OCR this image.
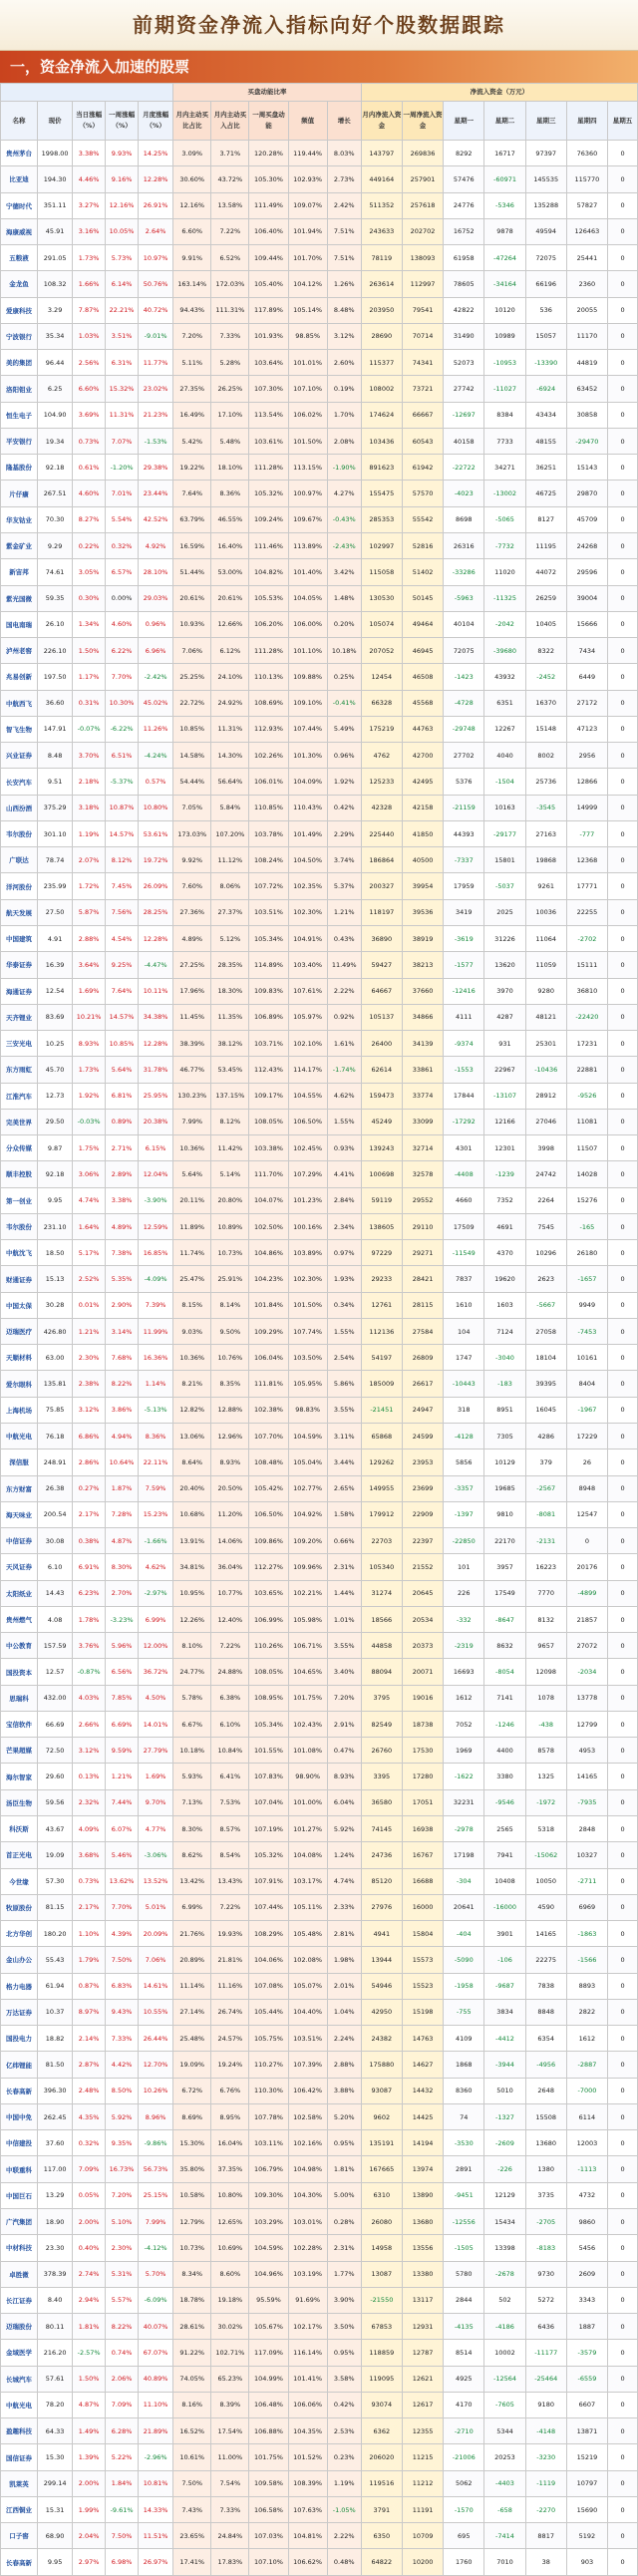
前期资金净流入指标向好个股数据跟踪
一，资金净流入加速的股票
					买盘动能比率					净流入资金（万元）						
名称	现价	当日涨幅（%）	一周涨幅（%）	月度涨幅（%）	月内主动买比占比	月内主动买入占比	一周买盘动能	频值	增长	月内净流入资金	一周净流入资金	星期一	星期二	星期三	星期四	星期五
贵州茅台	1998.00	3.38%	9.93%	14.25%	3.09%	3.71%	120.28%	119.44%	8.03%	143797	269836	8292	16717	97397	76360	0
比亚迪	194.30	4.46%	9.16%	12.28%	30.60%	43.72%	105.30%	102.93%	2.73%	449164	257901	57476	-60971	145535	115770	0
宁德时代	351.11	3.27%	12.16%	26.91%	12.16%	13.58%	111.49%	109.07%	2.42%	511352	257618	24776	-5346	135288	57827	0
海康威视	45.91	3.16%	10.05%	2.64%	6.60%	7.22%	106.40%	101.94%	7.51%	243633	202702	16752	9878	49594	126463	0
五粮液	291.05	1.73%	5.73%	10.97%	9.91%	6.52%	109.44%	101.70%	7.51%	78119	138093	61958	-47264	72075	25441	0
金龙鱼	108.32	1.66%	6.14%	50.76%	163.14%	172.03%	105.40%	104.12%	1.26%	263614	112997	78605	-34164	66196	2360	0
爱康科技	3.29	7.87%	22.21%	40.72%	94.43%	111.31%	117.89%	105.14%	8.48%	203950	79541	42822	10120	536	20055	0
宁波银行	35.34	1.03%	3.51%	-9.01%	7.20%	7.33%	101.93%	98.85%	3.12%	28690	70714	31490	10989	15057	11170	0
美的集团	96.44	2.56%	6.31%	11.77%	5.11%	5.28%	103.64%	101.01%	2.60%	115377	74341	52073	-10953	-13390	44819	0
洛阳钼业	6.25	6.60%	15.32%	23.02%	27.35%	26.25%	107.30%	107.10%	0.19%	108002	73721	27742	-11027	-6924	63452	0
恒生电子	104.90	3.69%	11.31%	21.23%	16.49%	17.10%	113.54%	106.02%	1.70%	174624	66667	-12697	8384	43434	30858	0
平安银行	19.34	0.73%	7.07%	-1.53%	5.42%	5.48%	103.61%	101.50%	2.08%	103436	60543	40158	7733	48155	-29470	0
隆基股份	92.18	0.61%	-1.20%	29.38%	19.22%	18.10%	111.28%	113.15%	-1.90%	891623	61942	-22722	34271	36251	15143	0
片仔癀	267.51	4.60%	7.01%	23.44%	7.64%	8.36%	105.32%	100.97%	4.27%	155475	57570	-4023	-13002	46725	29870	0
华友钴业	70.30	8.27%	5.54%	42.52%	63.79%	46.55%	109.24%	109.67%	-0.43%	285353	55542	8698	-5065	8127	45709	0
紫金矿业	9.29	0.22%	0.32%	4.92%	16.59%	16.40%	111.46%	113.89%	-2.43%	102997	52816	26316	-7732	11195	24268	0
新宙邦	74.61	3.05%	6.57%	28.10%	51.44%	53.00%	104.82%	101.40%	3.42%	115058	51402	-33286	11020	44072	29596	0
紫光国微	59.35	0.30%	0.00%	29.03%	20.61%	20.61%	105.53%	104.05%	1.48%	130530	50145	-5963	-11325	26259	39004	0
国电南瑞	26.10	1.34%	4.60%	0.96%	10.93%	12.66%	106.20%	106.00%	0.20%	105074	49464	40104	-2042	10405	15666	0
泸州老窖	226.10	1.50%	6.22%	6.96%	7.06%	6.12%	111.28%	101.10%	10.18%	207052	46945	72075	-39680	8322	7434	0
兆易创新	197.50	1.17%	7.70%	-2.42%	25.25%	24.10%	110.13%	109.88%	0.25%	12454	46508	-1423	43932	-2452	6449	0
中航西飞	36.60	0.31%	10.30%	45.02%	22.72%	24.92%	108.69%	109.10%	-0.41%	66328	45568	-4728	6351	16370	27172	0
智飞生物	147.91	-0.07%	-6.22%	11.26%	10.85%	11.31%	112.93%	107.44%	5.49%	175219	44763	-29748	12267	15148	47123	0
兴业证券	8.48	3.70%	6.51%	-4.24%	14.58%	14.30%	102.26%	101.30%	0.96%	4762	42700	27702	4040	8002	2956	0
长安汽车	9.51	2.18%	-5.37%	0.57%	54.44%	56.64%	106.01%	104.09%	1.92%	125233	42495	5376	-1504	25736	12866	0
山西汾酒	375.29	3.18%	10.87%	10.80%	7.05%	5.84%	110.85%	110.43%	0.42%	42328	42158	-21159	10163	-3545	14999	0
韦尔股份	301.10	1.19%	14.57%	53.61%	173.03%	107.20%	103.78%	101.49%	2.29%	225440	41850	44393	-29177	27163	-777	0
广联达	78.74	2.07%	8.12%	19.72%	9.92%	11.12%	108.24%	104.50%	3.74%	186864	40500	-7337	15801	19868	12368	0
洋河股份	235.99	1.72%	7.45%	26.09%	7.60%	8.06%	107.72%	102.35%	5.37%	200327	39954	17959	-5037	9261	17771	0
航天发展	27.50	5.87%	7.56%	28.25%	27.36%	27.37%	103.51%	102.30%	1.21%	118197	39536	3419	2025	10036	22255	0
中国建筑	4.91	2.88%	4.54%	12.28%	4.89%	5.12%	105.34%	104.91%	0.43%	36890	38919	-3619	31226	11064	-2702	0
华泰证券	16.39	3.64%	9.25%	-4.47%	27.25%	28.35%	114.89%	103.40%	11.49%	59427	38213	-1577	13620	11059	15111	0
海通证券	12.54	1.69%	7.64%	10.11%	17.96%	18.30%	109.83%	107.61%	2.22%	64667	37660	-12416	3970	9280	36810	0
天齐锂业	83.69	10.21%	14.57%	34.38%	11.45%	11.35%	106.89%	105.97%	0.92%	105137	34866	4111	4287	48121	-22420	0
三安光电	10.25	8.93%	10.85%	12.28%	38.39%	38.12%	103.71%	102.10%	1.61%	26400	34139	-9374	931	25301	17231	0
东方雨虹	45.70	1.73%	5.64%	31.78%	46.77%	53.45%	112.43%	114.17%	-1.74%	62614	33861	-1553	22967	-10436	22881	0
江淮汽车	12.73	1.92%	6.81%	25.95%	130.23%	137.15%	109.17%	104.55%	4.62%	159473	33774	17844	-13107	28912	-9526	0
完美世界	29.50	-0.03%	0.89%	20.38%	7.99%	8.12%	108.05%	106.50%	1.55%	45249	33099	-17292	12166	27046	11081	0
分众传媒	9.87	1.75%	2.71%	6.15%	10.36%	11.42%	103.38%	102.45%	0.93%	139243	32714	4301	12301	3998	11507	0
顺丰控股	92.18	3.06%	2.89%	12.04%	5.64%	5.14%	111.70%	107.29%	4.41%	100698	32578	-4408	-1239	24742	14028	0
第一创业	9.95	4.74%	3.38%	-3.90%	20.11%	20.80%	104.07%	101.23%	2.84%	59119	29552	4660	7352	2264	15276	0
韦尔股份	231.10	1.64%	4.89%	12.59%	11.89%	10.89%	102.50%	100.16%	2.34%	138605	29110	17509	4691	7545	-165	0
中航沈飞	18.50	5.17%	7.38%	16.85%	11.74%	10.73%	104.86%	103.89%	0.97%	97229	29271	-11549	4370	10296	26180	0
财通证券	15.13	2.52%	5.35%	-4.09%	25.47%	25.91%	104.23%	102.30%	1.93%	29233	28421	7837	19620	2623	-1657	0
中国太保	30.28	0.01%	2.90%	7.39%	8.15%	8.14%	101.84%	101.50%	0.34%	12761	28115	1610	1603	-5667	9949	0
迈瑞医疗	426.80	1.21%	3.14%	11.99%	9.03%	9.50%	109.29%	107.74%	1.55%	112136	27584	104	7124	27058	-7453	0
天顺材料	63.00	2.30%	7.68%	16.36%	10.36%	10.76%	106.04%	103.50%	2.54%	54197	26809	1747	-3040	18104	10161	0
爱尔眼科	135.81	2.38%	8.22%	1.14%	8.21%	8.35%	111.81%	105.95%	5.86%	185009	26617	-10443	-183	39395	8404	0
上海机场	75.85	3.12%	3.86%	-5.13%	12.82%	12.88%	102.38%	98.83%	3.55%	-21451	24947	318	8951	16045	-1967	0
中航光电	76.18	6.86%	4.94%	8.36%	13.06%	12.96%	107.70%	104.59%	3.11%	65868	24599	-4128	7305	4286	17229	0
深信服	248.91	2.86%	10.64%	22.11%	8.64%	8.93%	108.48%	105.04%	3.44%	129262	23953	5856	10129	379	26	0
东方财富	26.38	0.27%	1.87%	7.59%	20.40%	20.50%	105.42%	102.77%	2.65%	149955	23699	-3357	19685	-2567	8948	0
海天味业	200.54	2.17%	7.28%	15.23%	10.68%	11.20%	106.50%	104.92%	1.58%	179912	22909	-1397	9810	-8081	12547	0
中信证券	30.08	0.38%	4.87%	-1.66%	13.91%	14.06%	109.86%	109.20%	0.66%	22703	22397	-22850	22170	-2131	0	0
天风证券	6.10	6.91%	8.30%	4.62%	34.81%	36.04%	112.27%	109.96%	2.31%	105340	21552	101	3957	16223	20176	0
太阳纸业	14.43	6.23%	2.70%	-2.97%	10.95%	10.77%	103.65%	102.21%	1.44%	31274	20645	226	17549	7770	-4899	0
贵州燃气	4.08	1.78%	-3.23%	6.99%	12.26%	12.40%	106.99%	105.98%	1.01%	18566	20534	-332	-8647	8132	21857	0
中公教育	157.59	3.76%	5.96%	12.00%	8.10%	7.22%	110.26%	106.71%	3.55%	44858	20373	-2319	8632	9657	27072	0
国投资本	12.57	-0.87%	6.56%	36.72%	24.77%	24.88%	108.05%	104.65%	3.40%	88094	20071	16693	-8054	12098	-2034	0
思瑞科	432.00	4.03%	7.85%	4.50%	5.78%	6.38%	108.95%	101.75%	7.20%	3795	19016	1612	7141	1078	13778	0
宝信软件	66.69	2.66%	6.69%	14.01%	6.67%	6.10%	105.34%	102.43%	2.91%	82549	18738	7052	-1246	-438	12799	0
芒果超媒	72.50	3.12%	9.59%	27.79%	10.18%	10.84%	101.55%	101.08%	0.47%	26760	17530	1969	4400	8578	4953	0
海尔智家	29.60	0.13%	1.21%	1.69%	5.93%	6.41%	107.83%	98.90%	8.93%	3395	17280	-1622	3380	1325	14165	0
汤臣生物	59.56	2.32%	7.44%	9.70%	7.13%	7.53%	107.04%	101.00%	6.04%	36580	17051	32231	-9546	-1972	-7935	0
科沃斯	43.67	4.09%	6.07%	4.77%	8.30%	8.57%	107.19%	101.27%	5.92%	74145	16938	-2978	2565	5318	2848	0
首正光电	19.09	3.68%	5.46%	-3.06%	8.62%	8.54%	105.32%	104.08%	1.24%	24736	16767	17198	7941	-15062	10327	0
今世缘	57.30	0.73%	13.62%	13.52%	13.42%	13.43%	107.91%	103.17%	4.74%	85120	16688	-304	10408	10050	-2711	0
牧原股份	81.15	2.17%	7.70%	5.01%	6.99%	7.22%	107.44%	105.11%	2.33%	27976	16000	20641	-16000	4590	6969	0
北方华创	180.20	1.10%	4.39%	20.09%	21.76%	19.93%	108.29%	105.48%	2.81%	4941	15804	-404	3901	14165	-1863	0
金山办公	55.43	1.79%	7.50%	7.06%	20.89%	21.81%	104.06%	102.08%	1.98%	13944	15573	-5090	-106	22275	-1566	0
格力电器	61.94	0.87%	6.83%	14.61%	11.14%	11.16%	107.08%	105.07%	2.01%	54946	15523	-1958	-9687	7838	8893	0
万达证券	10.37	8.97%	9.43%	10.55%	27.14%	26.74%	105.44%	104.40%	1.04%	42950	15198	-755	3834	8848	2822	0
国投电力	18.82	2.14%	7.33%	26.44%	25.48%	24.57%	105.75%	103.51%	2.24%	24382	14763	4109	-4412	6354	1612	0
亿纬锂能	81.50	2.87%	4.42%	12.70%	19.09%	19.24%	110.27%	107.39%	2.88%	175880	14627	1868	-3944	-4956	-2887	0
长春高新	396.30	2.48%	8.50%	10.26%	6.72%	6.76%	110.30%	106.42%	3.88%	93087	14432	8360	5010	2648	-7000	0
中国中免	262.45	4.35%	5.92%	8.96%	8.69%	8.95%	107.78%	102.58%	5.20%	9602	14425	74	-1327	15508	6114	0
中信建投	37.60	0.32%	9.35%	-9.86%	15.30%	16.04%	103.11%	102.16%	0.95%	135191	14194	-3530	-2609	13680	12003	0
中联重科	117.00	7.09%	16.73%	56.73%	35.80%	37.35%	106.79%	104.98%	1.81%	167665	13974	2891	-226	1380	-1113	0
中国巨石	13.29	0.05%	7.20%	25.15%	10.58%	10.80%	109.30%	104.30%	5.00%	6310	13890	-9451	12129	3735	4732	0
广汽集团	18.90	2.00%	5.10%	7.99%	12.79%	12.65%	103.29%	103.01%	0.28%	26080	13680	-12556	15434	-2705	9860	0
中材科技	23.30	0.40%	2.30%	-4.12%	10.73%	10.69%	104.59%	102.28%	2.31%	14958	13556	-1505	13398	-8183	5456	0
卓胜微	378.39	2.74%	5.31%	5.70%	8.34%	8.60%	104.96%	103.19%	1.77%	13087	13380	5780	-2678	9730	2609	0
长江证券	8.40	2.94%	5.57%	-6.09%	18.78%	19.18%	95.59%	91.69%	3.90%	-21550	13117	2844	502	5272	3343	0
迈瑞股份	80.11	1.81%	8.22%	40.07%	28.61%	30.02%	105.67%	102.17%	3.50%	67853	12931	-4135	-4186	6436	1887	0
金域医学	216.20	-2.57%	0.74%	67.07%	91.22%	102.71%	117.09%	116.14%	0.95%	118859	12787	8514	10002	-11177	-3579	0
长城汽车	57.61	1.50%	2.06%	40.89%	74.05%	65.23%	104.99%	101.41%	3.58%	119095	12621	4925	-12564	-25464	-6559	0
中航光电	78.20	4.87%	7.09%	11.10%	8.16%	8.39%	106.48%	106.06%	0.42%	93074	12617	4170	-7605	9180	6607	0
盈趣科技	64.33	1.49%	6.28%	21.89%	16.52%	17.54%	106.88%	104.35%	2.53%	6362	12355	-2710	5344	-4148	13871	0
国信证券	15.30	1.39%	5.22%	-2.96%	10.61%	11.00%	101.75%	101.52%	0.23%	206020	11215	-21006	20253	-3230	15219	0
凯莱英	299.14	2.00%	1.84%	10.81%	7.50%	7.54%	109.58%	108.39%	1.19%	119516	11212	5062	-4403	-1119	10797	0
江西铜业	15.31	1.99%	-9.61%	14.33%	7.43%	7.33%	106.58%	107.63%	-1.05%	3791	11191	-1570	-658	-2270	15690	0
口子窖	68.90	2.04%	7.50%	11.51%	23.65%	24.84%	107.03%	104.81%	2.22%	6350	10709	695	-7414	8817	5192	0
长春高新	9.95	2.97%	6.98%	26.97%	17.41%	17.83%	107.10%	106.62%	0.48%	64822	10200	1760	7010	38	903	0
